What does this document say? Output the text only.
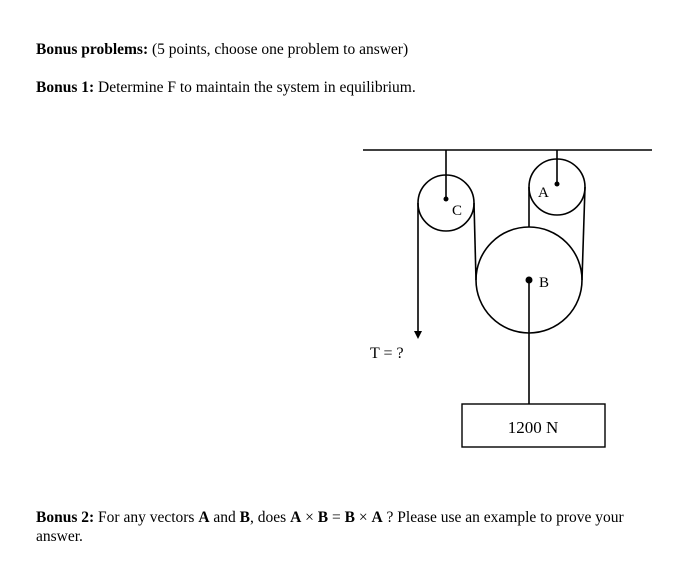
Bonus problems: (5 points, choose one problem to answer)
Bonus 1: Determine F to maintain the system in equilibrium.
C
A
B
T = ?
1200 N
Bonus 2: For any vectors A and B, does A × B = B × A ? Please use an example to prove your answer.
